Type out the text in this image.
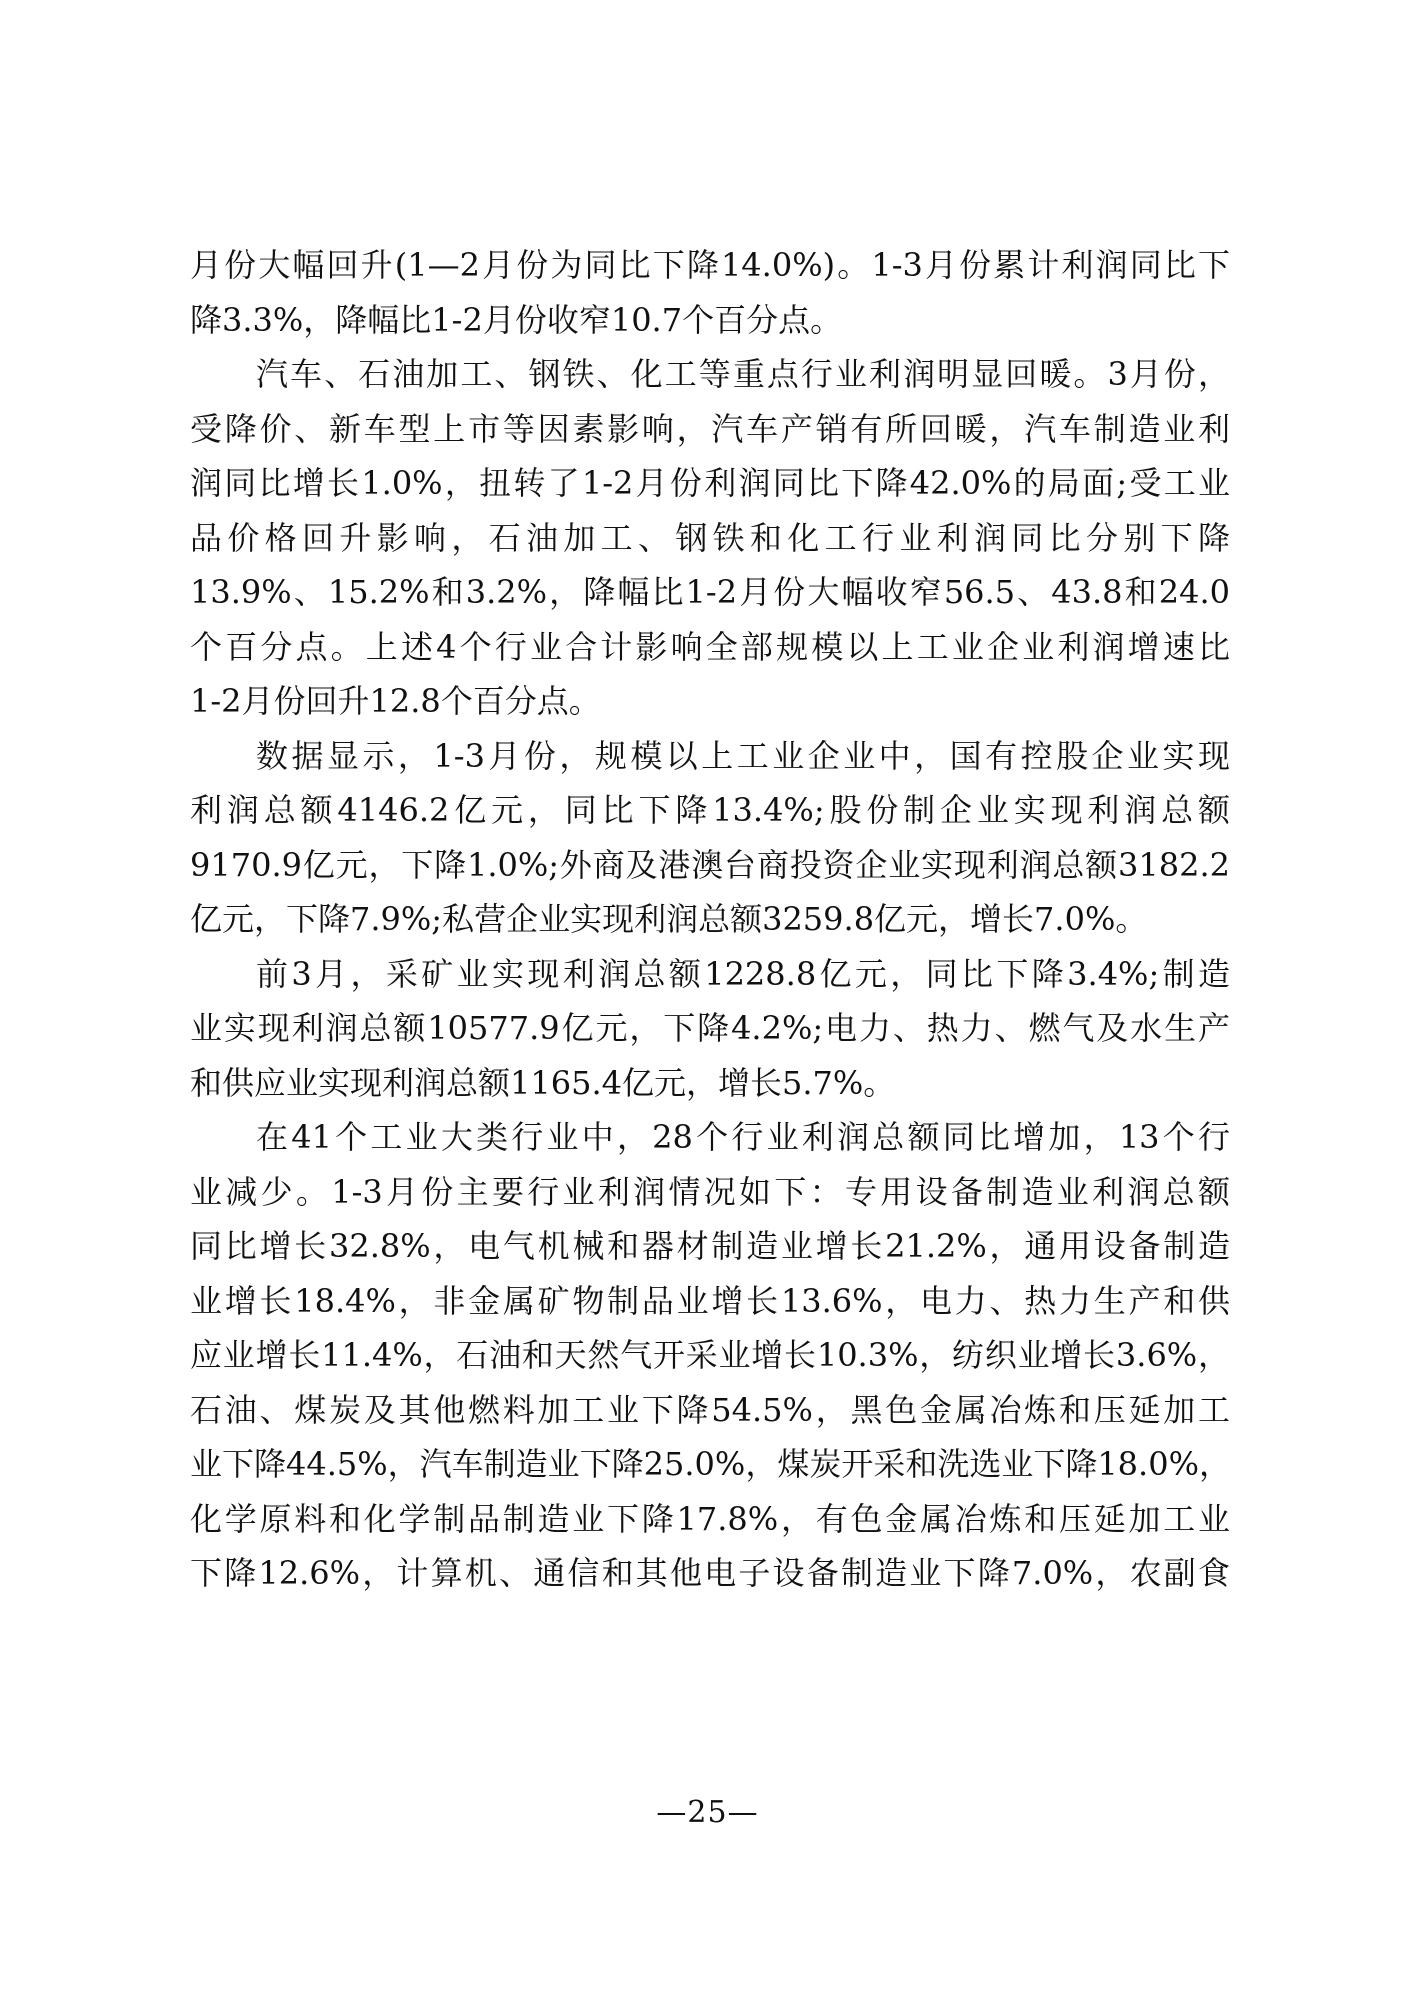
月份大幅回升(1—2月份为同比下降14.0%)。1-3月份累计利润同比下
降3.3%，降幅比1-2月份收窄10.7个百分点。
汽车、石油加工、钢铁、化工等重点行业利润明显回暖。3月份，
受降价、新车型上市等因素影响，汽车产销有所回暖，汽车制造业利
润同比增长1.0%，扭转了1-2月份利润同比下降42.0%的局面;受工业
品价格回升影响，石油加工、钢铁和化工行业利润同比分别下降
13.9%、15.2%和3.2%，降幅比1-2月份大幅收窄56.5、43.8和24.0
个百分点。上述4个行业合计影响全部规模以上工业企业利润增速比
1-2月份回升12.8个百分点。
数据显示，1-3月份，规模以上工业企业中，国有控股企业实现
利润总额4146.2亿元，同比下降13.4%;股份制企业实现利润总额
9170.9亿元，下降1.0%;外商及港澳台商投资企业实现利润总额3182.2
亿元，下降7.9%;私营企业实现利润总额3259.8亿元，增长7.0%。
前3月，采矿业实现利润总额1228.8亿元，同比下降3.4%;制造
业实现利润总额10577.9亿元，下降4.2%;电力、热力、燃气及水生产
和供应业实现利润总额1165.4亿元，增长5.7%。
在41个工业大类行业中，28个行业利润总额同比增加，13个行
业减少。1-3月份主要行业利润情况如下：专用设备制造业利润总额
同比增长32.8%，电气机械和器材制造业增长21.2%，通用设备制造
业增长18.4%，非金属矿物制品业增长13.6%，电力、热力生产和供
应业增长11.4%，石油和天然气开采业增长10.3%，纺织业增长3.6%，
石油、煤炭及其他燃料加工业下降54.5%，黑色金属冶炼和压延加工
业下降44.5%，汽车制造业下降25.0%，煤炭开采和洗选业下降18.0%，
化学原料和化学制品制造业下降17.8%，有色金属冶炼和压延加工业
下降12.6%，计算机、通信和其他电子设备制造业下降7.0%，农副食
—25—
